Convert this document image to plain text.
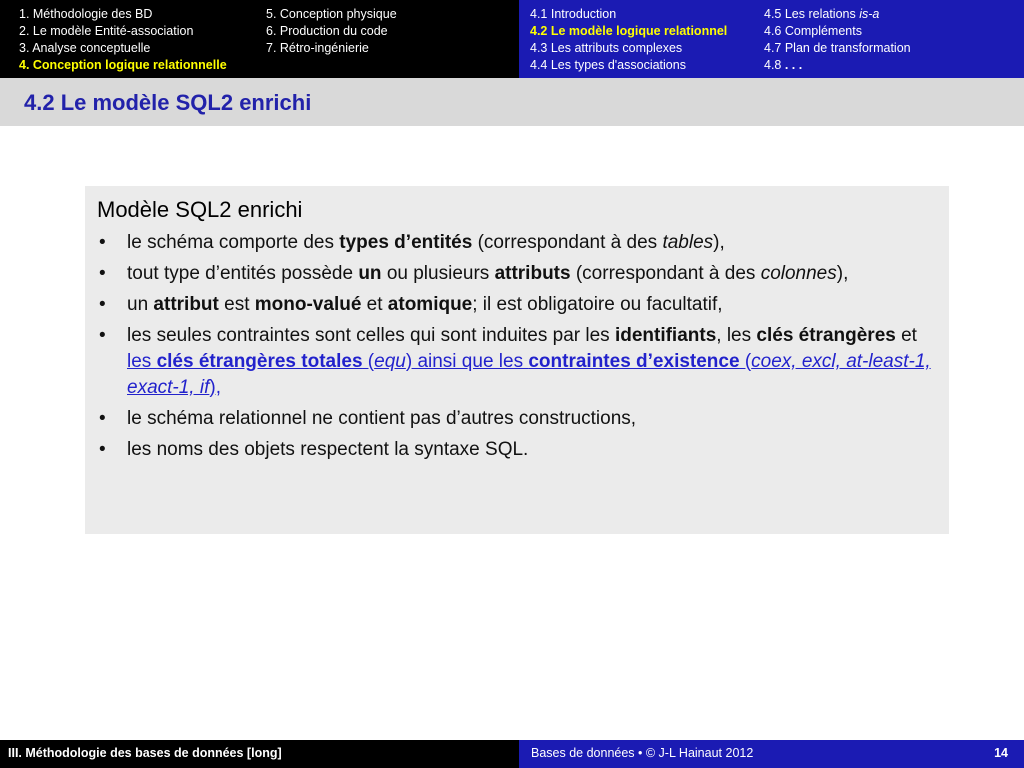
1. Méthodologie des BD
2. Le modèle Entité-association
3. Analyse conceptuelle
4. Conception logique relationnelle
5. Conception physique
6. Production du code
7. Rétro-ingénierie
4.1 Introduction
4.2 Le modèle logique relationnel
4.3 Les attributs complexes
4.4 Les types d'associations
4.5 Les relations is-a
4.6 Compléments
4.7 Plan de transformation
4.8 . . .
4.2 Le modèle SQL2 enrichi
Modèle SQL2 enrichi
• le schéma comporte des types d’entités (correspondant à des tables),
• tout type d’entités possède un ou plusieurs attributs (correspondant à des colonnes),
• un attribut est mono-valué et atomique; il est obligatoire ou facultatif,
• les seules contraintes sont celles qui sont induites par les identifiants, les clés étrangères et les clés étrangères totales (equ) ainsi que les contraintes d’existence (coex, excl, at-least-1, exact-1, if),
• le schéma relationnel ne contient pas d’autres constructions,
• les noms des objets respectent la syntaxe SQL.
III. Méthodologie des bases de données [long]	Bases de données • © J-L Hainaut 2012	14
